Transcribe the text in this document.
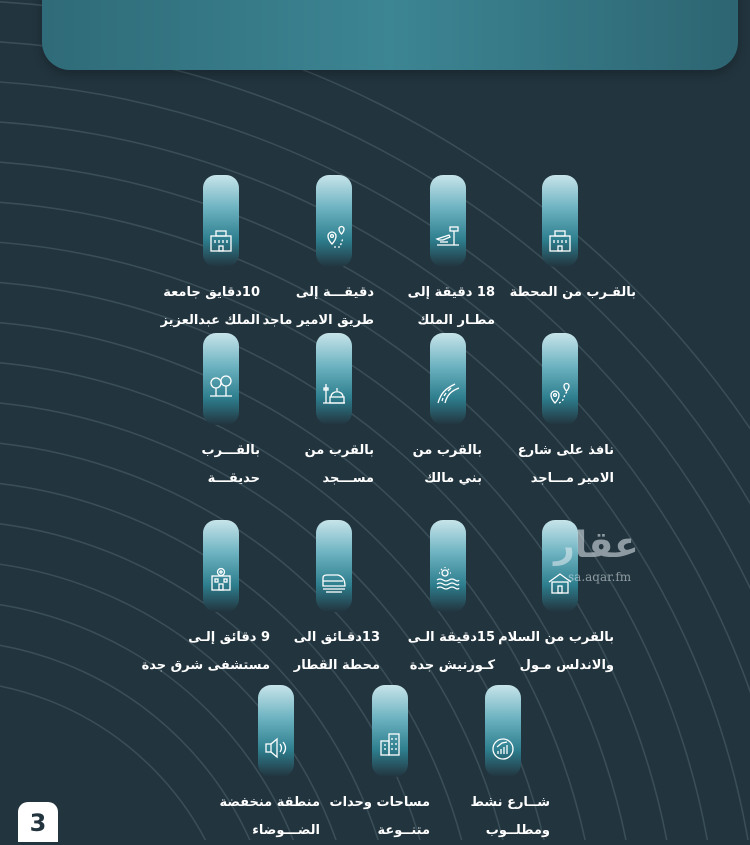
بالقـرب من المحطة
18 دقيقة إلى
مطـار الملك
دقيقـــة إلى
طريق الامير ماجد
10دقايق جامعة
الملك عبدالعزيز
نافذ على شارع
الامير مـــاجد
بالقرب من
بني مالك
بالقرب من
مســـجد
بالقـــرب
حديقـــة
بالقرب من السلام
والاندلس مـول
15دقيقة الـى
كـورنيش جدة
13دقـائق الى
محطة القطار
9 دقائق إلـى
مستشفى شرق جدة
شــارع نشط
ومطلــوب
مساحات وحدات
متنــوعة
منطقة منخفضة
الضـــوضاء
عقار
sa.aqar.fm
3
